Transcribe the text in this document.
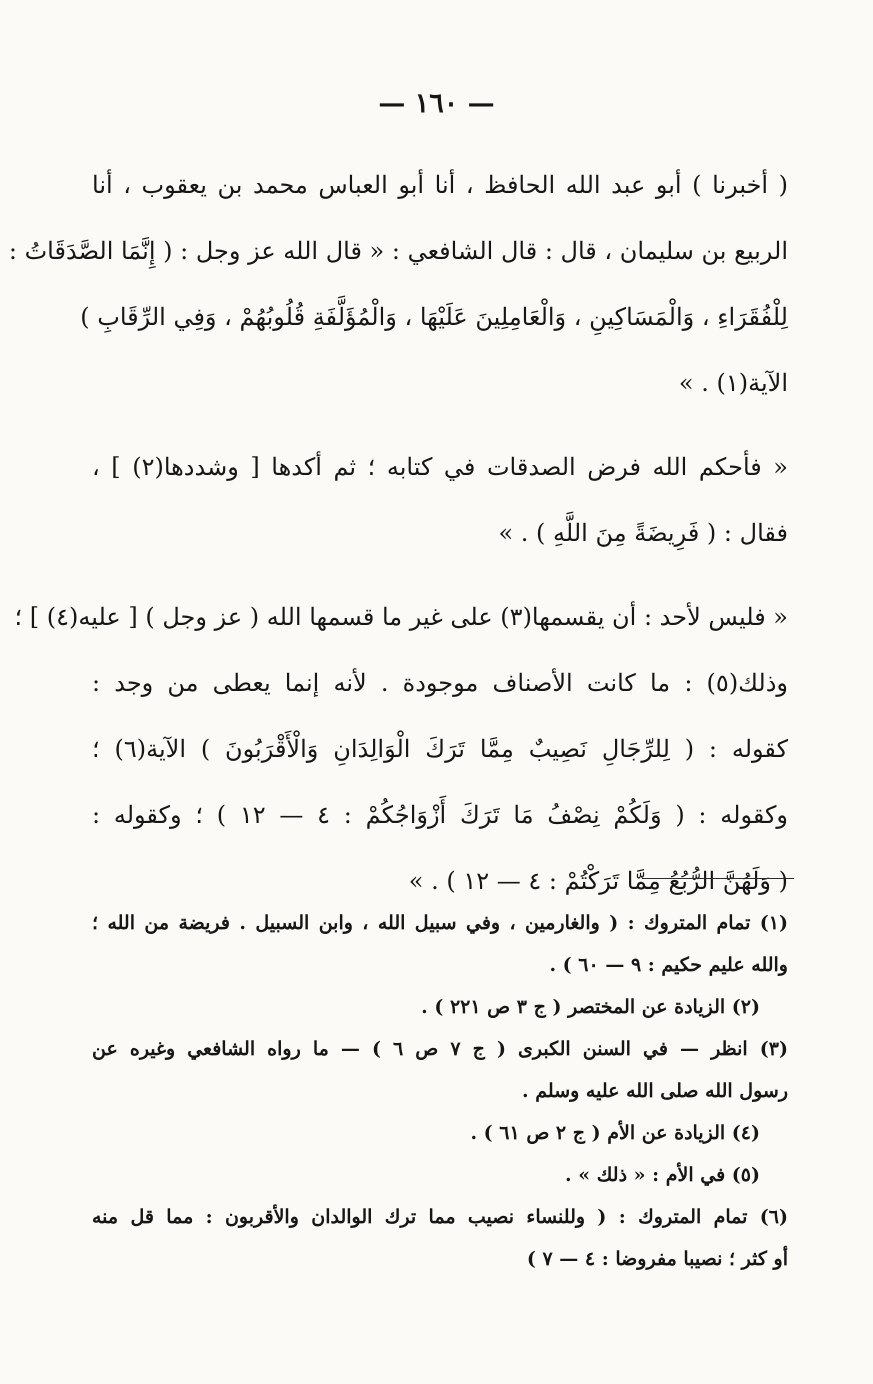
— ١٦٠ —
( أخبرنا ) أبو عبد الله الحافظ ، أنا أبو العباس محمد بن يعقوب ، أنا
الربيع بن سليمان ، قال : قال الشافعي : « قال الله عز وجل : ( إِنَّمَا الصَّدَقَاتُ :
لِلْفُقَرَاءِ ، وَالْمَسَاكِينِ ، وَالْعَامِلِينَ عَلَيْهَا ، وَالْمُؤَلَّفَةِ قُلُوبُهُمْ ، وَفِي الرِّقَابِ )
الآية(١) . »
« فأحكم الله فرض الصدقات في كتابه ؛ ثم أكدها [ وشددها(٢) ] ،
فقال : ( فَرِيضَةً مِنَ اللَّهِ ) . »
« فليس لأحد : أن يقسمها(٣) على غير ما قسمها الله ( عز وجل ) [ عليه(٤) ] ؛
وذلك(٥) : ما كانت الأصناف موجودة . لأنه إنما يعطى من وجد :
كقوله : ( لِلرِّجَالِ نَصِيبٌ مِمَّا تَرَكَ الْوَالِدَانِ وَالْأَقْرَبُونَ ) الآية(٦) ؛
وكقوله : ( وَلَكُمْ نِصْفُ مَا تَرَكَ أَزْوَاجُكُمْ : ٤ — ١٢ ) ؛ وكقوله :
( وَلَهُنَّ الرُّبُعُ مِمَّا تَرَكْتُمْ : ٤ — ١٢ ) . »
(١) تمام المتروك : ( والغارمين ، وفي سبيل الله ، وابن السبيل . فريضة من الله ؛
والله عليم حكيم : ٩ — ٦٠ ) .
(٢) الزيادة عن المختصر ( ج ٣ ص ٢٢١ ) .
(٣) انظر — في السنن الكبرى ( ج ٧ ص ٦ ) — ما رواه الشافعي وغيره عن
رسول الله صلى الله عليه وسلم .
(٤) الزيادة عن الأم ( ج ٢ ص ٦١ ) .
(٥) في الأم : « ذلك » .
(٦) تمام المتروك : ( وللنساء نصيب مما ترك الوالدان والأقربون : مما قل منه
أو كثر ؛ نصيبا مفروضا : ٤ — ٧ )
